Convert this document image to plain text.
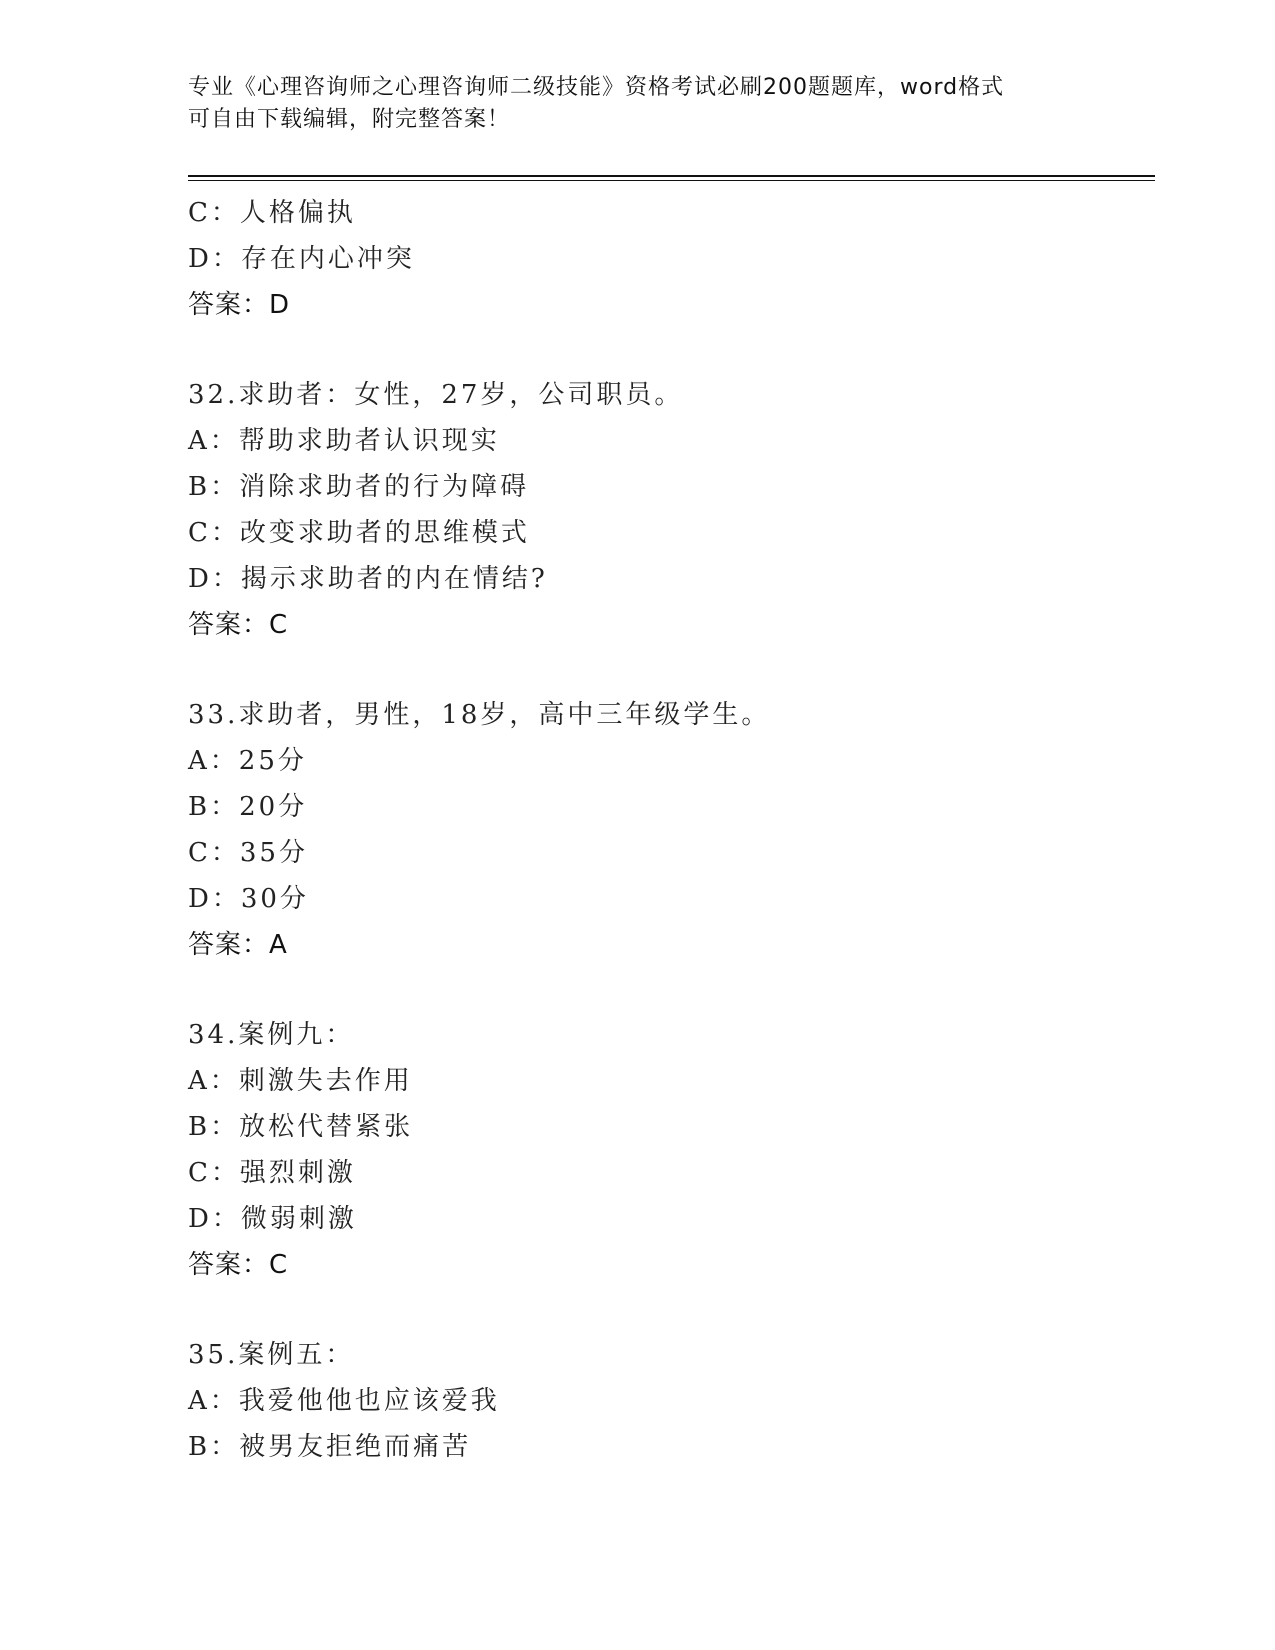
专业《心理咨询师之心理咨询师二级技能》资格考试必刷200题题库，word格式
可自由下载编辑，附完整答案！
C：人格偏执
D：存在内心冲突
答案：D
32.求助者：女性，27岁，公司职员。
A：帮助求助者认识现实
B：消除求助者的行为障碍
C：改变求助者的思维模式
D：揭示求助者的内在情结?
答案：C
33.求助者，男性，18岁，高中三年级学生。
A：25分
B：20分
C：35分
D：30分
答案：A
34.案例九：
A：刺激失去作用
B：放松代替紧张
C：强烈刺激
D：微弱刺激
答案：C
35.案例五：
A：我爱他他也应该爱我
B：被男友拒绝而痛苦
